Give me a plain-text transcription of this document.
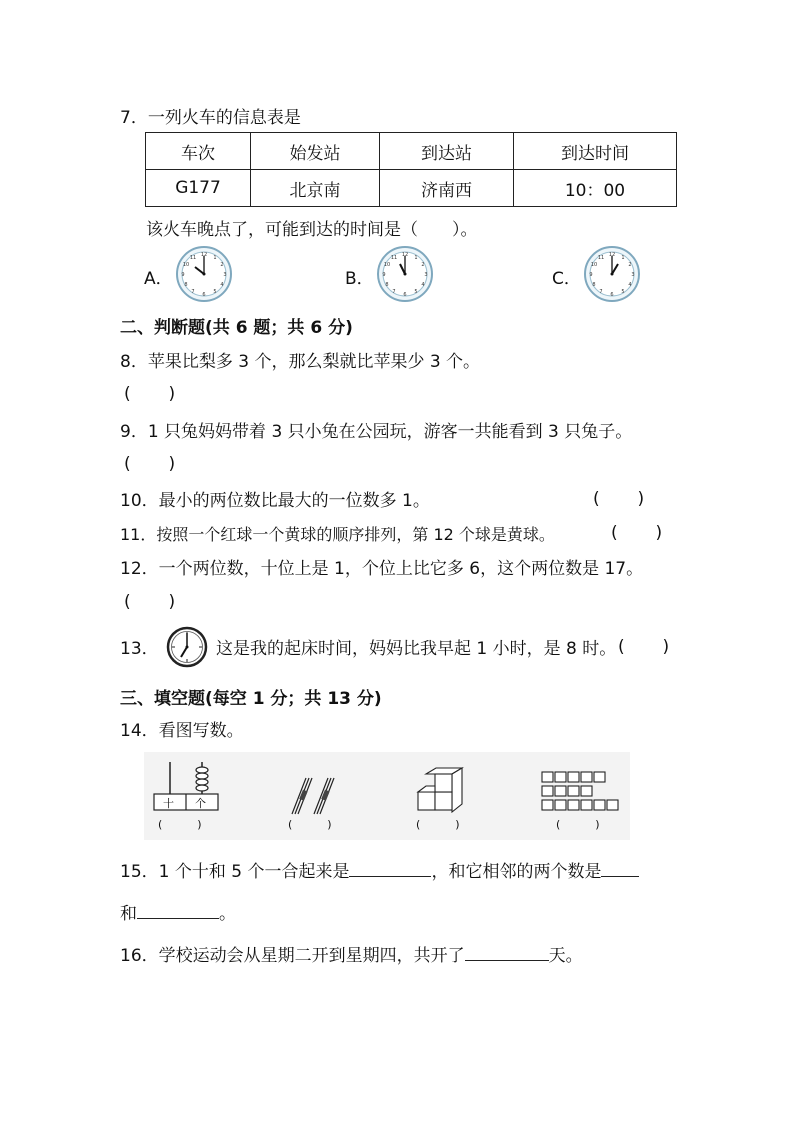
7．一列火车的信息表是
车次	始发站	到达站	到达时间
G177	北京南	济南西	10：00
该火车晚点了，可能到达的时间是（　　）。
A．
12 1
2
3
4
5
6
7
8
9
10
11
B．
12 1
2
3
4
5
6
7
8
9
10
11
C．
12 1
2
3
4
5
6
7
8
9
10
11
二、判断题(共 6 题；共 6 分)
8．苹果比梨多 3 个，那么梨就比苹果少 3 个。
(       )
9．1 只兔妈妈带着 3 只小兔在公园玩，游客一共能看到 3 只兔子。
(       )
10．最小的两位数比最大的一位数多 1。	(       )
11．按照一个红球一个黄球的顺序排列，第 12 个球是黄球。	(       )
12．一个两位数，十位上是 1，个位上比它多 6，这个两位数是 17。
(       )
13．	这是我的起床时间，妈妈比我早起 1 小时，是 8 时。 (       )
三、填空题(每空 1 分；共 13 分)
14．看图写数。
十 个
(          )	(          )	(          )	(          )
15．1 个十和 5 个一合起来是	，和它相邻的两个数是
和	。
16．学校运动会从星期二开到星期四，共开了	天。
